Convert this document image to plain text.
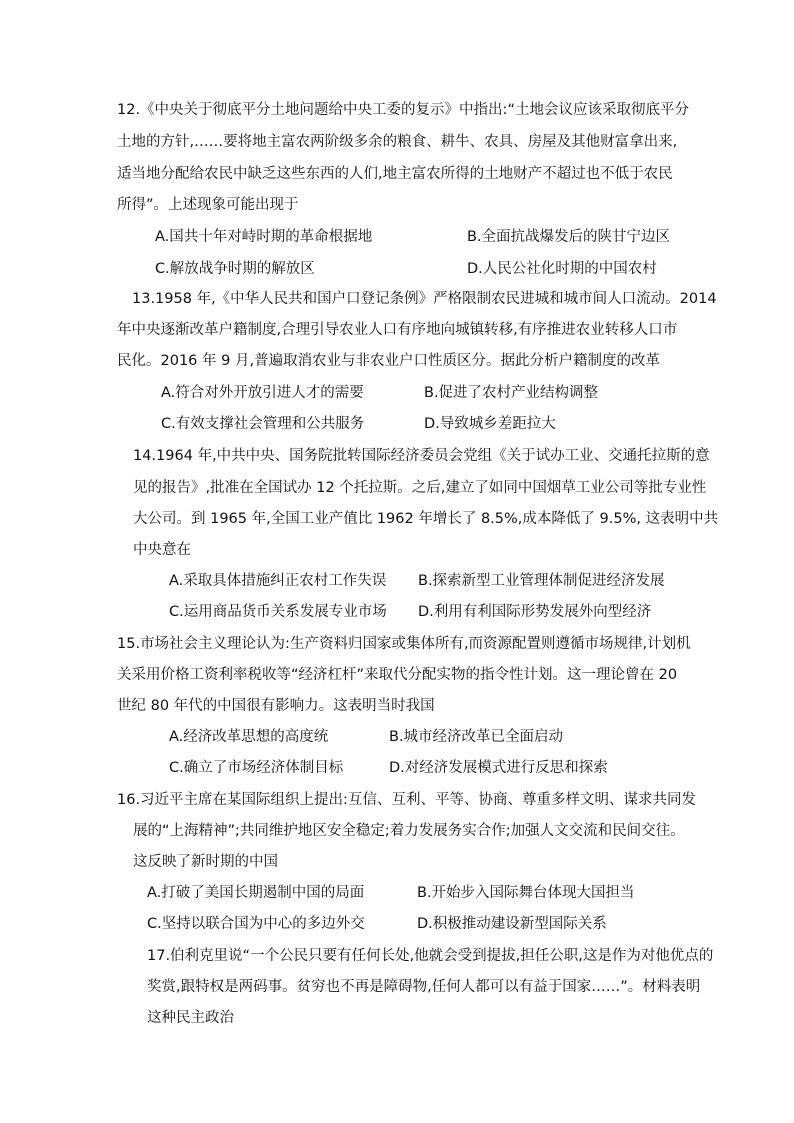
12.《中央关于彻底平分土地问题给中央工委的复示》中指出:“土地会议应该采取彻底平分
土地的方针,……要将地主富农两阶级多余的粮食、耕牛、农具、房屋及其他财富拿出来,
适当地分配给农民中缺乏这些东西的人们,地主富农所得的土地财产不超过也不低于农民
所得”。上述现象可能出现于
A.国共十年对峙时期的革命根据地	B.全面抗战爆发后的陕甘宁边区
C.解放战争时期的解放区	D.人民公社化时期的中国农村
13.1958 年,《中华人民共和国户口登记条例》严格限制农民进城和城市间人口流动。2014
年中央逐渐改革户籍制度,合理引导农业人口有序地向城镇转移,有序推进农业转移人口市
民化。2016 年 9 月,普遍取消农业与非农业户口性质区分。据此分析户籍制度的改革
A.符合对外开放引进人才的需要	B.促进了农村产业结构调整
C.有效支撑社会管理和公共服务	D.导致城乡差距拉大
14.1964 年,中共中央、国务院批转国际经济委员会党组《关于试办工业、交通托拉斯的意
见的报告》,批准在全国试办 12 个托拉斯。之后,建立了如同中国烟草工业公司等批专业性
大公司。到 1965 年,全国工业产值比 1962 年增长了 8.5%,成本降低了 9.5%, 这表明中共
中央意在
A.采取具体措施纠正农村工作失误 B.探索新型工业管理体制促进经济发展
C.运用商品货币关系发展专业市场 D.利用有利国际形势发展外向型经济
15.市场社会主义理论认为:生产资料归国家或集体所有,而资源配置则遵循市场规律,计划机
关采用价格工资利率税收等“经济杠杆”来取代分配实物的指令性计划。这一理论曾在 20
世纪 80 年代的中国很有影响力。这表明当时我国
A.经济改革思想的高度统	B.城市经济改革已全面启动
C.确立了市场经济体制目标	D.对经济发展模式进行反思和探索
16.习近平主席在某国际组织上提出:互信、互利、平等、协商、尊重多样文明、谋求共同发
展的“上海精神”;共同维护地区安全稳定;着力发展务实合作;加强人文交流和民间交往。
这反映了新时期的中国
A.打破了美国长期遏制中国的局面	B.开始步入国际舞台体现大国担当
C.坚持以联合国为中心的多边外交	D.积极推动建设新型国际关系
17.伯利克里说“一个公民只要有任何长处,他就会受到提拔,担任公职,这是作为对他优点的
奖赏,跟特权是两码事。贫穷也不再是障碍物,任何人都可以有益于国家……”。材料表明
这种民主政治
